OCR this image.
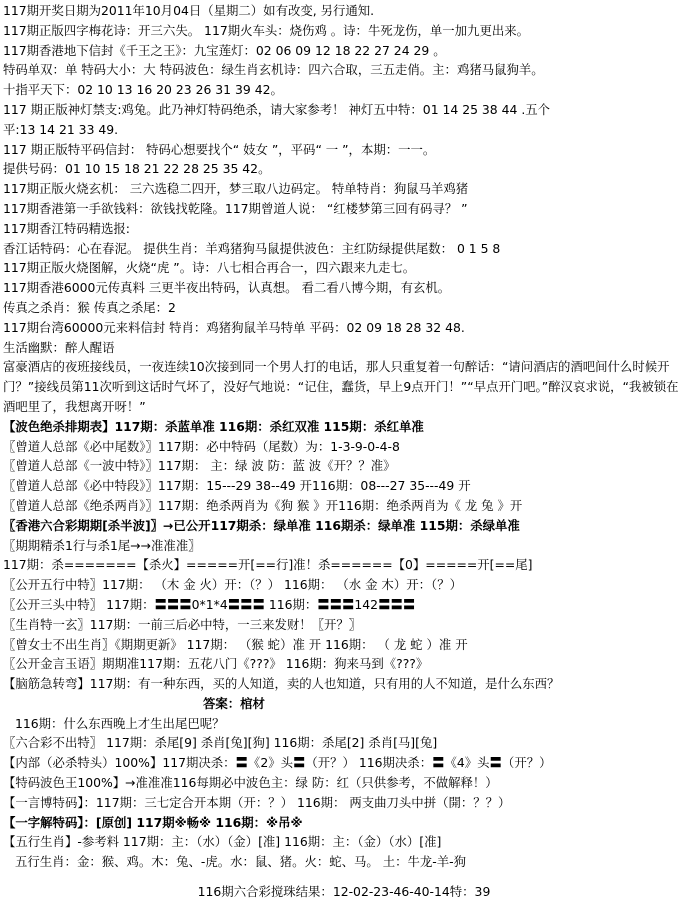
117期开奖日期为2011年10月04日（星期二）如有改变, 另行通知.
117期正版四字梅花诗：开三六失。 117期火车头：烧伤鸡 。诗：牛死龙伤，单一加九更出来。
117期香港地下信封《千王之王》：九宝莲灯：02 06 09 12 18 22 27 24 29 。
特码单双：单 特码大小：大 特码波色：绿生肖玄机诗：四六合取，三五走俏。主：鸡猪马鼠狗羊。
十指平天下：02 10 13 16 20 23 26 31 39 42。
117 期正版神灯禁支:鸡兔。此乃神灯特码绝杀，请大家参考！ 神灯五中特：01 14 25 38 44 .五个
平:13 14 21 33 49.
117 期正版特平码信封： 特码心想要找个“ 妓女 ”，平码“ 一 ”，本期：一一。
提供号码：01 10 15 18 21 22 28 25 35 42。
117期正版火烧玄机： 三六选稳二四开，梦三取八边码定。 特单特肖：狗鼠马羊鸡猪
117期香港第一手欲钱料：欲钱找乾隆。117期曾道人说： “红楼梦第三回有码寻？ ”
117期香江特码精选报:
香江话特码：心在春泥。 提供生肖：羊鸡猪狗马鼠提供波色：主红防绿提供尾数： 0 1 5 8
117期正版火烧图解，火烧“虎 ”。诗：八七相合再合一，四六跟来九走七。
117期香港6000元传真料 三更半夜出特码，认真想。 看二看八博今期，有玄机。
传真之杀肖：猴 传真之杀尾：2
117期台湾60000元来料信封 特肖：鸡猪狗鼠羊马特单 平码：02 09 18 28 32 48.
生活幽默：醉人醒语
富豪酒店的夜班接线员，一夜连续10次接到同一个男人打的电话，那人只重复着一句醉话：“请问酒店的酒吧间什么时候开门？”接线员第11次听到这话时气坏了，没好气地说：“记住，蠢货，早上9点开门！”“早点开门吧。”醉汉哀求说，“我被锁在酒吧里了，我想离开呀！”
【波色绝杀排期表】117期：杀蓝单准 116期：杀红双准 115期：杀红单准
〖曾道人总部《必中尾数》〗117期：必中特码（尾数）为：1-3-9-0-4-8
〖曾道人总部《一波中特》〗117期： 主：绿 波 防：蓝 波《开？？准》
〖曾道人总部《必中特段》〗117期：15---29 38--49 开116期：08---27 35---49 开
〖曾道人总部《绝杀两肖》〗117期：绝杀两肖为《狗 猴 》开116期：绝杀两肖为《 龙 兔 》开
〖香港六合彩期期[杀半波]〗→已公开117期杀：绿单准 116期杀：绿单准 115期：杀绿单准
〖期期精杀1行与杀1尾→→准准准〗
117期：杀=======【杀火】=====开[==行]准！杀======【0】=====开[==尾]
〖公开五行中特〗117期： （木 金 火）开：（？） 116期： （水 金 木）开：（？）
〖公开三头中特〗 117期：〓〓〓0*1*4〓〓〓 116期：〓〓〓142〓〓〓
〖生肖特一玄〗117期：一前三后必中特，一三来发财！〖开？〗
〖曾女士不出生肖〗《期期更新》 117期： （猴 蛇）准 开 116期： （ 龙 蛇 ）准 开
〖公开金言玉语〗期期准117期：五花八门《???》 116期：狗来马到《???》
【脑筋急转弯】117期：有一种东西，买的人知道，卖的人也知道，只有用的人不知道，是什么东西？
答案：棺材
116期：什么东西晚上才生出尾巴呢？
〖六合彩不出特〗 117期：杀尾[9] 杀肖[兔][狗] 116期：杀尾[2] 杀肖[马][兔]
【内部（必杀特头）100%】117期决杀：〓《2》头〓（开？） 116期决杀：〓《4》头〓（开？）
【特码波色王100%】→准准准116每期必中波色主：绿 防：红（只供参考，不做解释！）
【一言博特码】：117期：三七定合开本期（开：？） 116期： 两支曲刀头中拼（開：？？）
【一字解特码】：[原创] 117期※畅※ 116期：※吊※
【五行生肖】-参考料 117期：主：（水）（金）[准] 116期：主：（金）（水）[准]
五行生肖：金：猴、鸡。木：兔、-虎。水：鼠、猪。火：蛇、马。 土：牛龙-羊-狗
116期六合彩搅珠结果：12-02-23-46-40-14特：39
